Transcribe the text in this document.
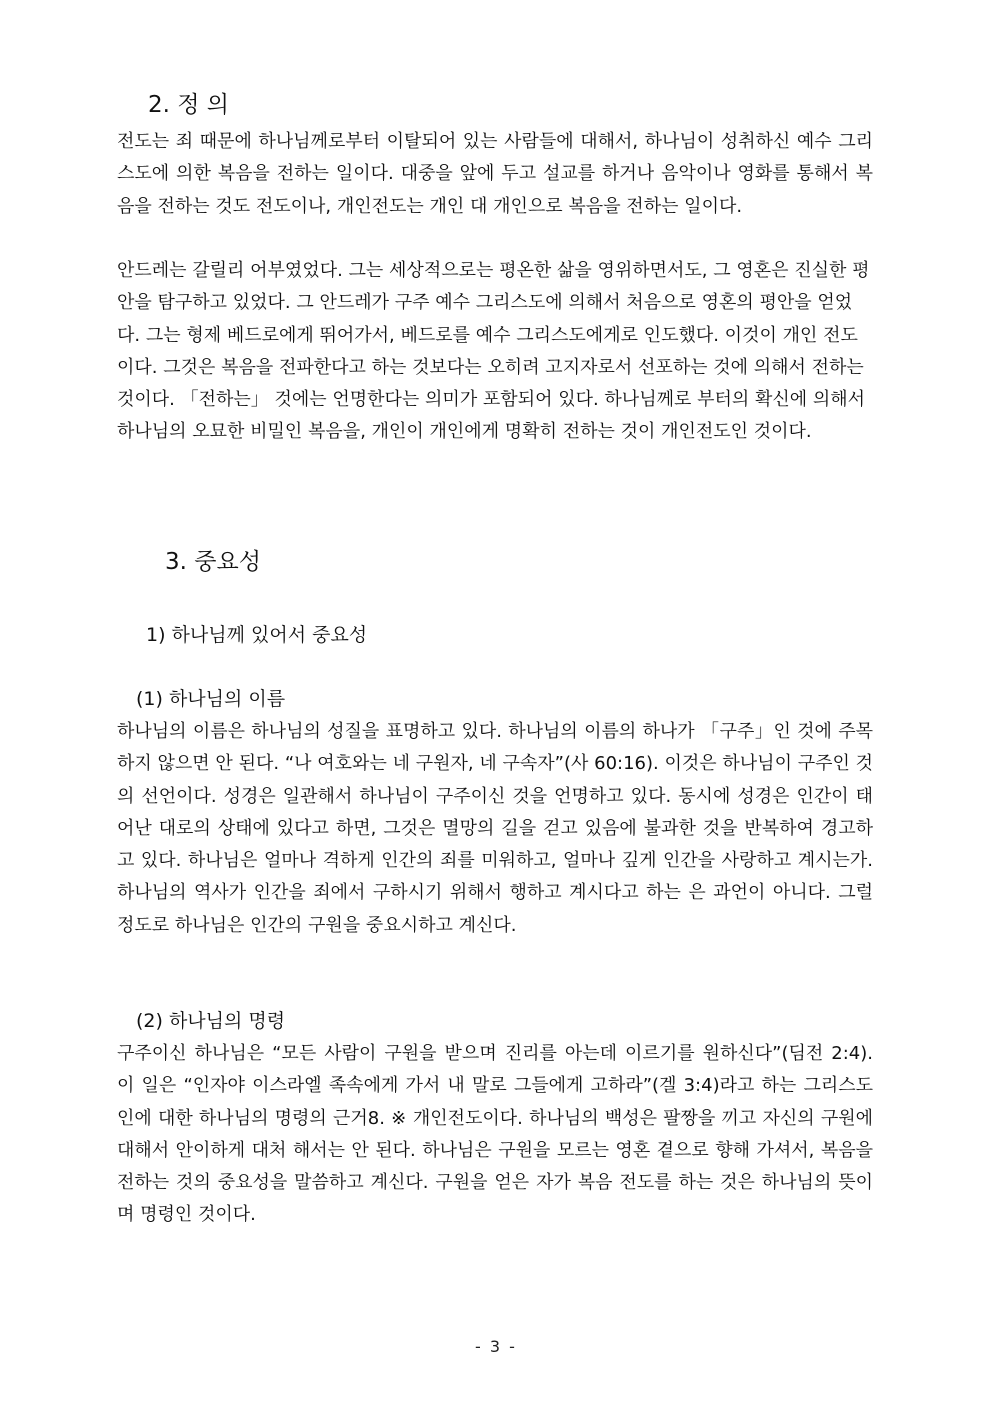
2. 정 의

전도는 죄 때문에 하나님께로부터 이탈되어 있는 사람들에 대해서, 하나님이 성취하신 예수 그리스도에 의한 복음을 전하는 일이다. 대중을 앞에 두고 설교를 하거나 음악이나 영화를 통해서 복음을 전하는 것도 전도이나, 개인전도는 개인 대 개인으로 복음을 전하는 일이다.

안드레는 갈릴리 어부였었다. 그는 세상적으로는 평온한 삶을 영위하면서도, 그 영혼은 진실한 평안을 탐구하고 있었다. 그 안드레가 구주 예수 그리스도에 의해서 처음으로 영혼의 평안을 얻었다. 그는 형제 베드로에게 뛰어가서, 베드로를 예수 그리스도에게로 인도했다. 이것이 개인 전도이다. 그것은 복음을 전파한다고 하는 것보다는 오히려 고지자로서 선포하는 것에 의해서 전하는 것이다. 「전하는」 것에는 언명한다는 의미가 포함되어 있다. 하나님께로 부터의 확신에 의해서 하나님의 오묘한 비밀인 복음을, 개인이 개인에게 명확히 전하는 것이 개인전도인 것이다.

3. 중요성
1) 하나님께 있어서 중요성
(1) 하나님의 이름

하나님의 이름은 하나님의 성질을 표명하고 있다. 하나님의 이름의 하나가 「구주」인 것에 주목하지 않으면 안 된다. “나 여호와는 네 구원자, 네 구속자”(사 60:16). 이것은 하나님이 구주인 것의 선언이다. 성경은 일관해서 하나님이 구주이신 것을 언명하고 있다. 동시에 성경은 인간이 태어난 대로의 상태에 있다고 하면, 그것은 멸망의 길을 걷고 있음에 불과한 것을 반복하여 경고하고 있다. 하나님은 얼마나 격하게 인간의 죄를 미워하고, 얼마나 깊게 인간을 사랑하고 계시는가. 하나님의 역사가 인간을 죄에서 구하시기 위해서 행하고 계시다고 하는 은 과언이 아니다. 그럴 정도로 하나님은 인간의 구원을 중요시하고 계신다.

(2) 하나님의 명령

구주이신 하나님은 “모든 사람이 구원을 받으며 진리를 아는데 이르기를 원하신다”(딤전 2:4). 이 일은 “인자야 이스라엘 족속에게 가서 내 말로 그들에게 고하라”(겔 3:4)라고 하는 그리스도인에 대한 하나님의 명령의 근거8. ※ 개인전도이다. 하나님의 백성은 팔짱을 끼고 자신의 구원에 대해서 안이하게 대처 해서는 안 된다. 하나님은 구원을 모르는 영혼 곁으로 향해 가셔서, 복음을 전하는 것의 중요성을 말씀하고 계신다. 구원을 얻은 자가 복음 전도를 하는 것은 하나님의 뜻이며 명령인 것이다.

- 3 -
